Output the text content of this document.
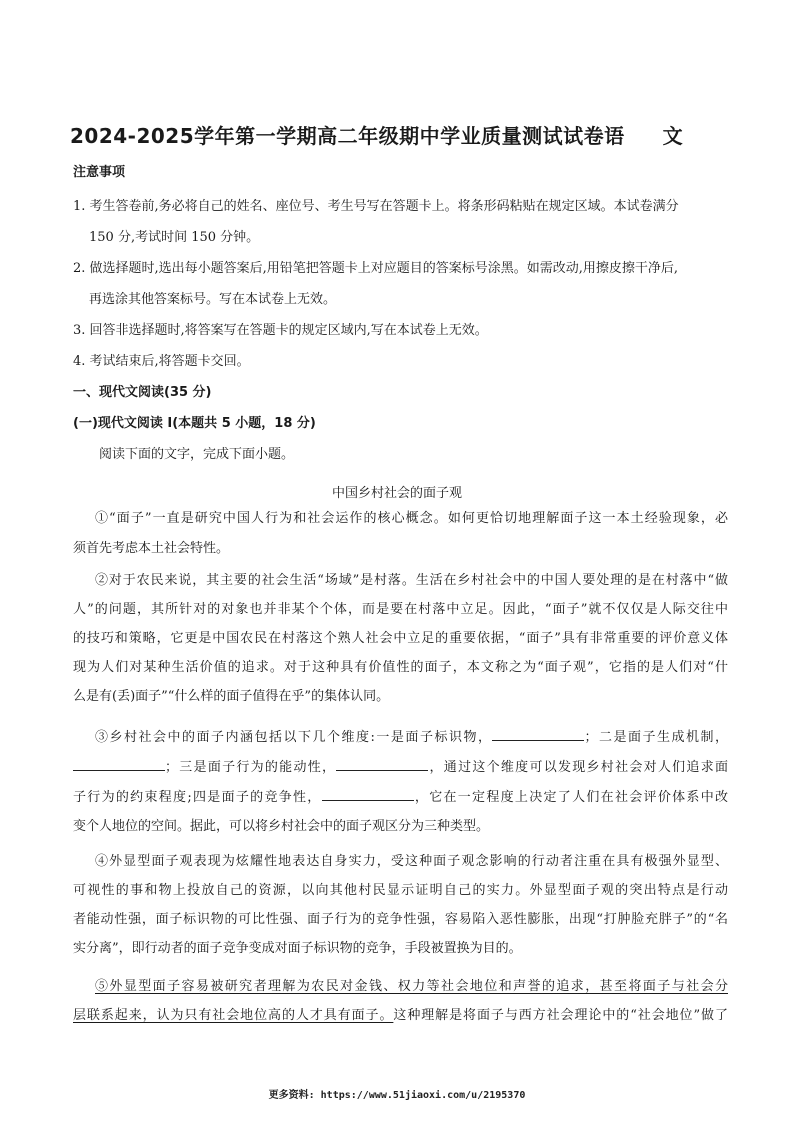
2024-2025学年第一学期高二年级期中学业质量测试试卷语 文
注意事项
1. 考生答卷前,务必将自己的姓名、座位号、考生号写在答题卡上。将条形码粘贴在规定区域。本试卷满分
150 分,考试时间 150 分钟。
2. 做选择题时,选出每小题答案后,用铅笔把答题卡上对应题目的答案标号涂黑。如需改动,用擦皮擦干净后,
再选涂其他答案标号。写在本试卷上无效。
3. 回答非选择题时,将答案写在答题卡的规定区域内,写在本试卷上无效。
4. 考试结束后,将答题卡交回。
一、现代文阅读(35 分)
(一)现代文阅读 I(本题共 5 小题，18 分)
阅读下面的文字，完成下面小题。
中国乡村社会的面子观
①“面子”一直是研究中国人行为和社会运作的核心概念。如何更恰切地理解面子这一本土经验现象，必
须首先考虑本土社会特性。
②对于农民来说，其主要的社会生活“场域”是村落。生活在乡村社会中的中国人要处理的是在村落中“做
人”的问题，其所针对的对象也并非某个个体，而是要在村落中立足。因此，“面子”就不仅仅是人际交往中
的技巧和策略，它更是中国农民在村落这个熟人社会中立足的重要依据，“面子”具有非常重要的评价意义体
现为人们对某种生活价值的追求。对于这种具有价值性的面子，本文称之为“面子观”，它指的是人们对“什
么是有(丢)面子”“什么样的面子值得在乎”的集体认同。
③乡村社会中的面子内涵包括以下几个维度:一是面子标识物，	；二是面子生成机制，
；三是面子行为的能动性，	，通过这个维度可以发现乡村社会对人们追求面
子行为的约束程度;四是面子的竞争性，	，它在一定程度上决定了人们在社会评价体系中改
变个人地位的空间。据此，可以将乡村社会中的面子观区分为三种类型。
④外显型面子观表现为炫耀性地表达自身实力，受这种面子观念影响的行动者注重在具有极强外显型、
可视性的事和物上投放自己的资源，以向其他村民显示证明自己的实力。外显型面子观的突出特点是行动
者能动性强，面子标识物的可比性强、面子行为的竞争性强，容易陷入恶性膨胀，出现“打肿脸充胖子”的“名
实分离”，即行动者的面子竞争变成对面子标识物的竞争，手段被置换为目的。
⑤外显型面子容易被研究者理解为农民对金钱、权力等社会地位和声誉的追求，甚至将面子与社会分
层联系起来，认为只有社会地位高的人才具有面子。这种理解是将面子与西方社会理论中的“社会地位”做了
更多资料: https://www.51jiaoxi.com/u/2195370
